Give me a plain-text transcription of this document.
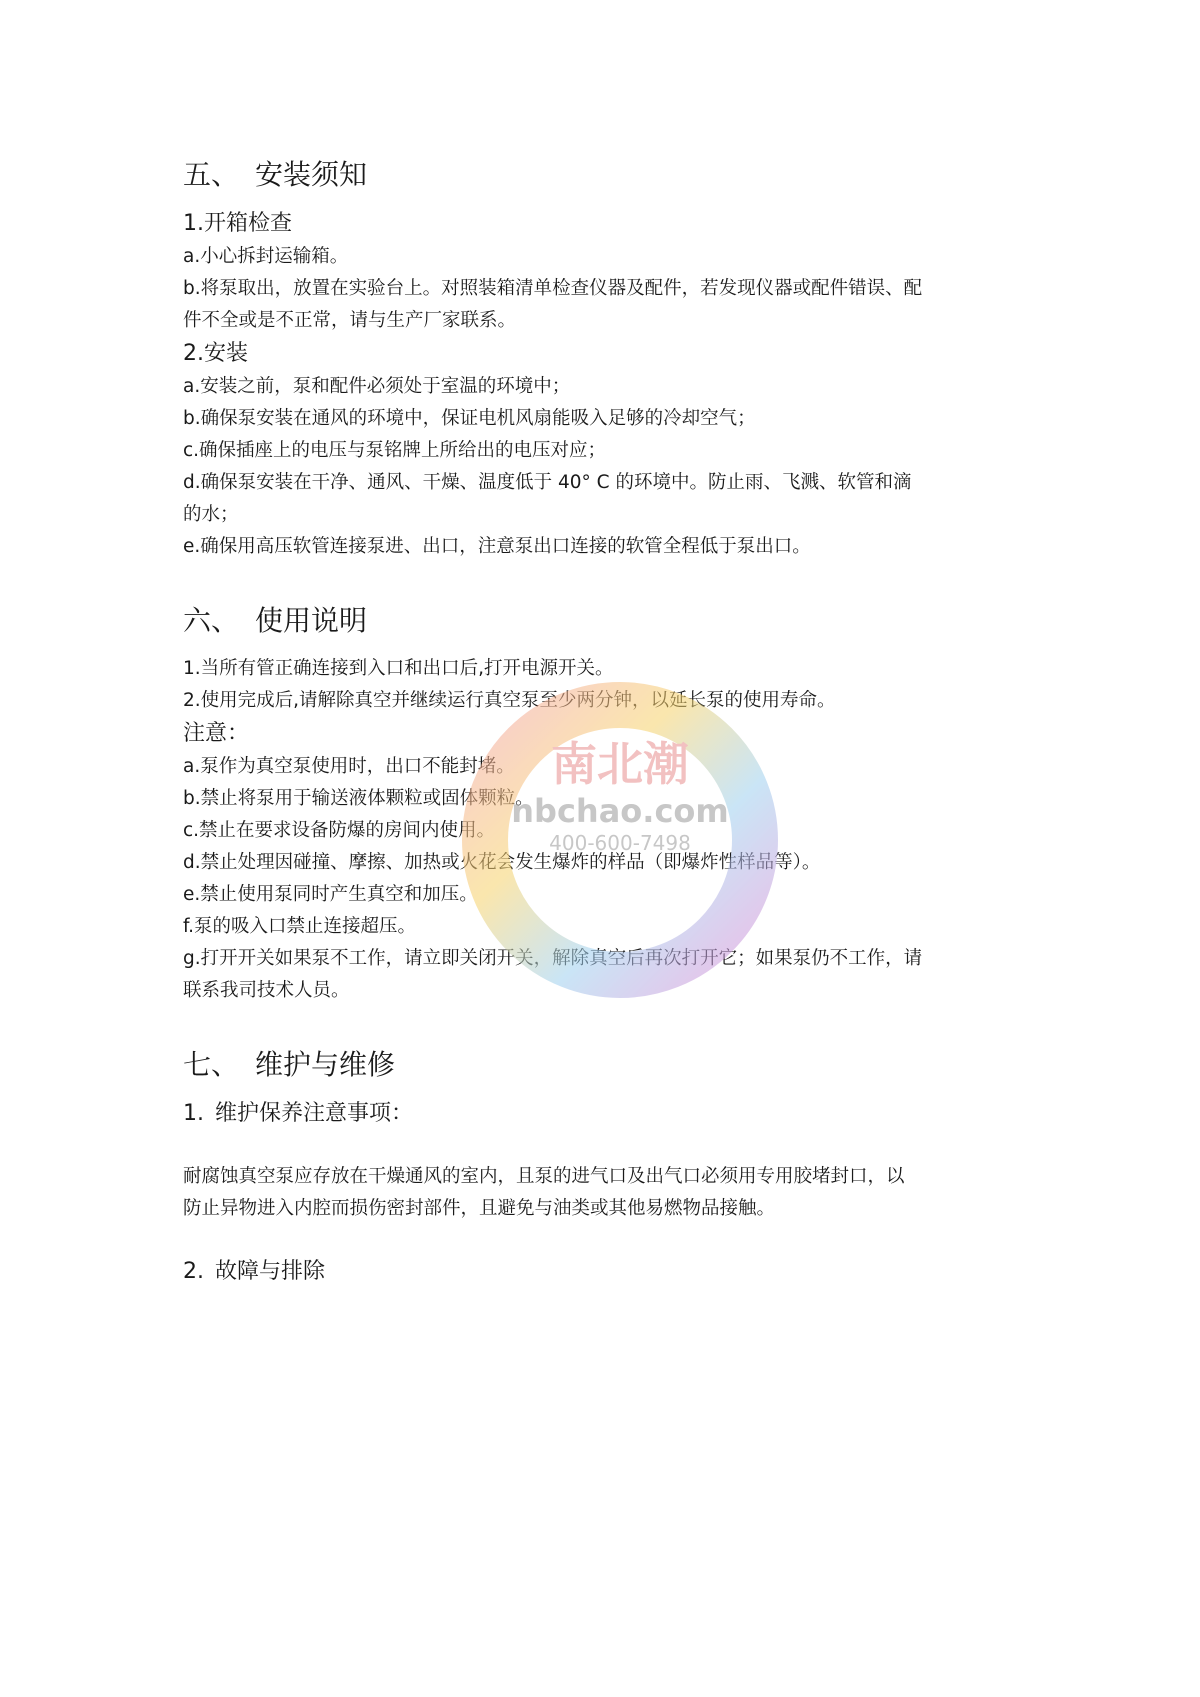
五、 安装须知
1.开箱检查
a.小心拆封运输箱。
b.将泵取出，放置在实验台上。对照装箱清单检查仪器及配件，若发现仪器或配件错误、配
件不全或是不正常，请与生产厂家联系。
2.安装
a.安装之前，泵和配件必须处于室温的环境中；
b.确保泵安装在通风的环境中，保证电机风扇能吸入足够的冷却空气；
c.确保插座上的电压与泵铭牌上所给出的电压对应；
d.确保泵安装在干净、通风、干燥、温度低于 40° C 的环境中。防止雨、飞溅、软管和滴
的水；
e.确保用高压软管连接泵进、出口，注意泵出口连接的软管全程低于泵出口。
六、 使用说明
1.当所有管正确连接到入口和出口后,打开电源开关。
2.使用完成后,请解除真空并继续运行真空泵至少两分钟，以延长泵的使用寿命。
注意：
a.泵作为真空泵使用时，出口不能封堵。
b.禁止将泵用于输送液体颗粒或固体颗粒。
c.禁止在要求设备防爆的房间内使用。
d.禁止处理因碰撞、摩擦、加热或火花会发生爆炸的样品（即爆炸性样品等）。
e.禁止使用泵同时产生真空和加压。
f.泵的吸入口禁止连接超压。
g.打开开关如果泵不工作，请立即关闭开关，解除真空后再次打开它；如果泵仍不工作，请
联系我司技术人员。
七、 维护与维修
1. 维护保养注意事项：
耐腐蚀真空泵应存放在干燥通风的室内，且泵的进气口及出气口必须用专用胶堵封口，以
防止异物进入内腔而损伤密封部件，且避免与油类或其他易燃物品接触。
2. 故障与排除
南北潮
nbchao.com
400-600-7498
